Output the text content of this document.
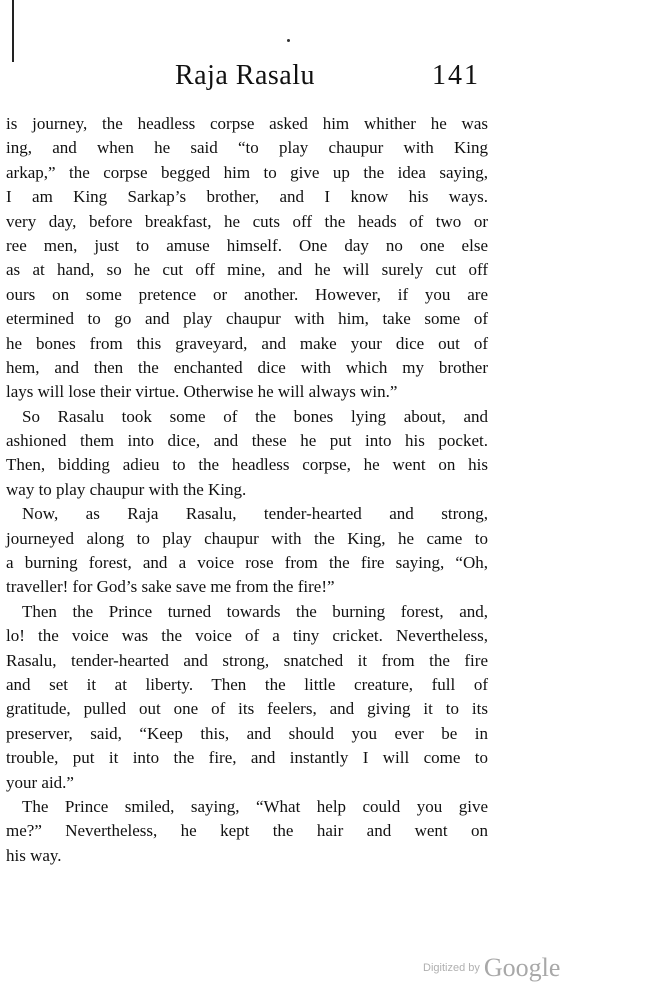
Raja Rasalu	141
is journey, the headless corpse asked him whither he was
ing, and when he said “to play chaupur with King
arkap,” the corpse begged him to give up the idea saying,
I am King Sarkap’s brother, and I know his ways.
very day, before breakfast, he cuts off the heads of two or
ree men, just to amuse himself. One day no one else
as at hand, so he cut off mine, and he will surely cut off
ours on some pretence or another. However, if you are
etermined to go and play chaupur with him, take some of
he bones from this graveyard, and make your dice out of
hem, and then the enchanted dice with which my brother
lays will lose their virtue. Otherwise he will always win.”
So Rasalu took some of the bones lying about, and
ashioned them into dice, and these he put into his pocket.
Then, bidding adieu to the headless corpse, he went on his
way to play chaupur with the King.
Now, as Raja Rasalu, tender-hearted and strong,
journeyed along to play chaupur with the King, he came to
a burning forest, and a voice rose from the fire saying, “Oh,
traveller! for God’s sake save me from the fire!”
Then the Prince turned towards the burning forest, and,
lo! the voice was the voice of a tiny cricket. Nevertheless,
Rasalu, tender-hearted and strong, snatched it from the fire
and set it at liberty. Then the little creature, full of
gratitude, pulled out one of its feelers, and giving it to its
preserver, said, “Keep this, and should you ever be in
trouble, put it into the fire, and instantly I will come to
your aid.”
The Prince smiled, saying, “What help could you give
me?” Nevertheless, he kept the hair and went on
his way.
Digitized by Google
